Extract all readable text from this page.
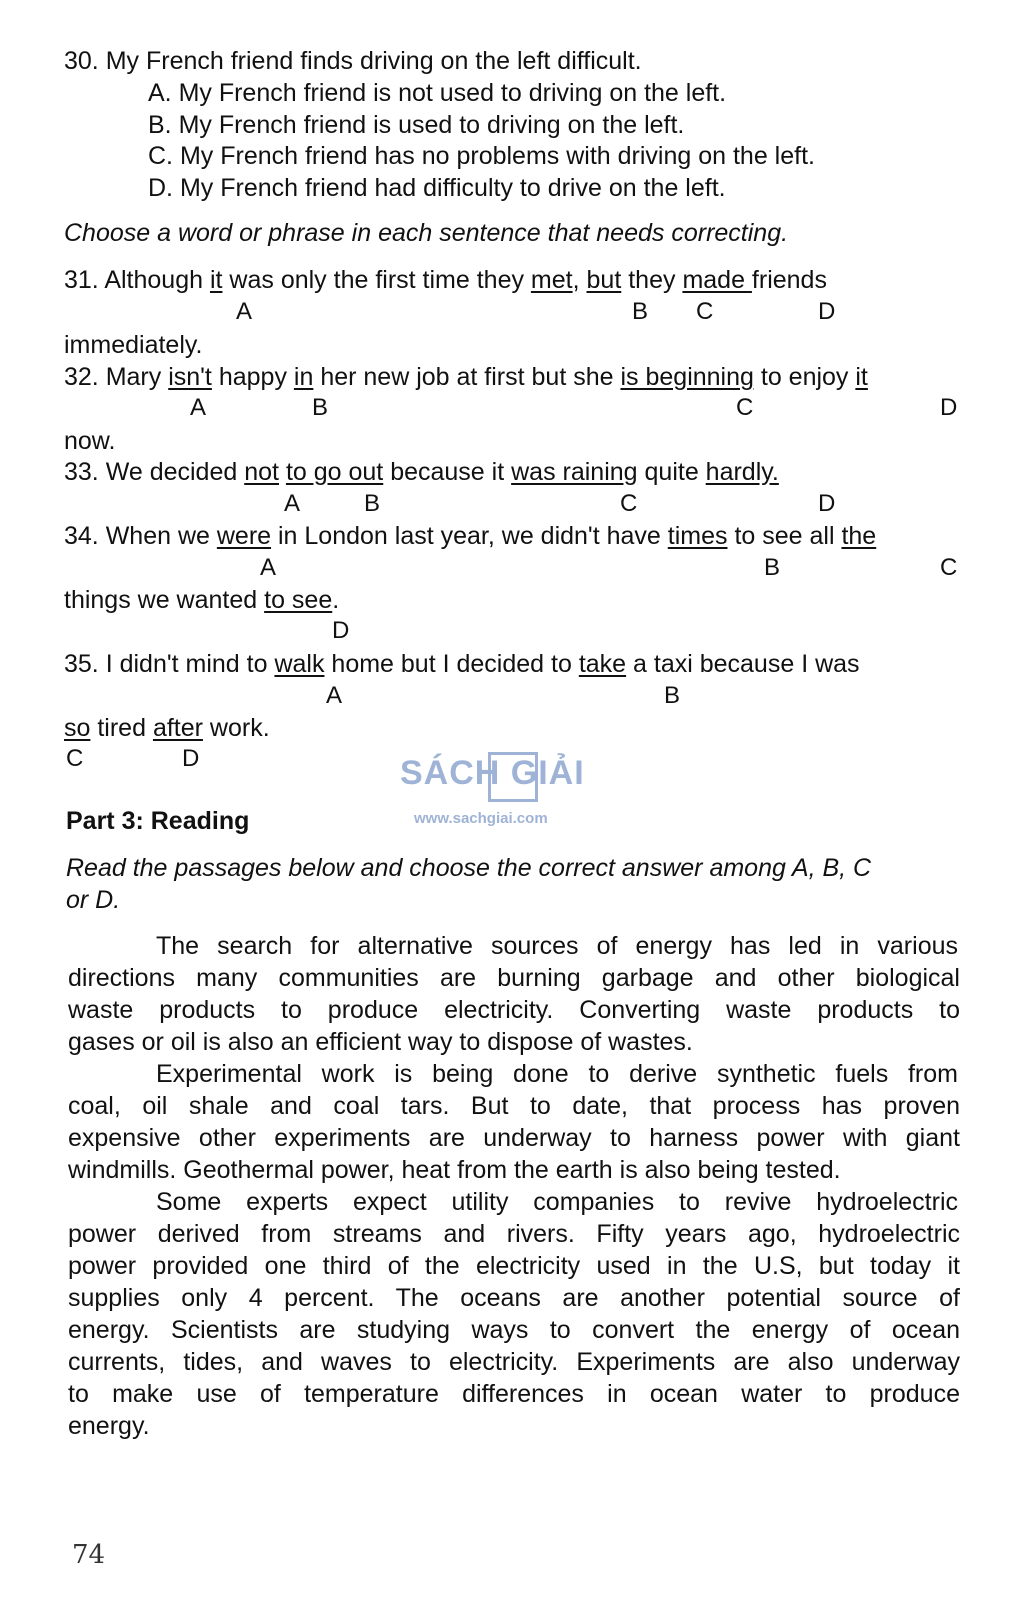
30. My French friend finds driving on the left difficult.
A. My French friend is not used to driving on the left.
B. My French friend is used to driving on the left.
C. My French friend has no problems with driving on the left.
D. My French friend had difficulty to drive on the left.
Choose a word or phrase in each sentence that needs correcting.
31. Although it was only the first time they met, but they made friends
A	B C	D
immediately.
32. Mary isn't happy in her new job at first but she is beginning to enjoy it
A	B	C	D
now.
33. We decided not to go out because it was raining quite hardly.
A	B	C	D
34. When we were in London last year, we didn't have times to see all the
A	B	C
things we wanted to see.
D
35. I didn't mind to walk home but I decided to take a taxi because I was
A	B
so tired after work.
C	D	SÁCH GIẢI
www.sachgiai.com
Part 3: Reading
Read the passages below and choose the correct answer among A, B, C
or D.
The search for alternative sources of energy has led in various
directions many communities are burning garbage and other biological
waste products to produce electricity. Converting waste products to
gases or oil is also an efficient way to dispose of wastes.
Experimental work is being done to derive synthetic fuels from
coal, oil shale and coal tars. But to date, that process has proven
expensive other experiments are underway to harness power with giant
windmills. Geothermal power, heat from the earth is also being tested.
Some experts expect utility companies to revive hydroelectric
power derived from streams and rivers. Fifty years ago, hydroelectric
power provided one third of the electricity used in the U.S, but today it
supplies only 4 percent. The oceans are another potential source of
energy. Scientists are studying ways to convert the energy of ocean
currents, tides, and waves to electricity. Experiments are also underway
to make use of temperature differences in ocean water to produce
energy.
74
